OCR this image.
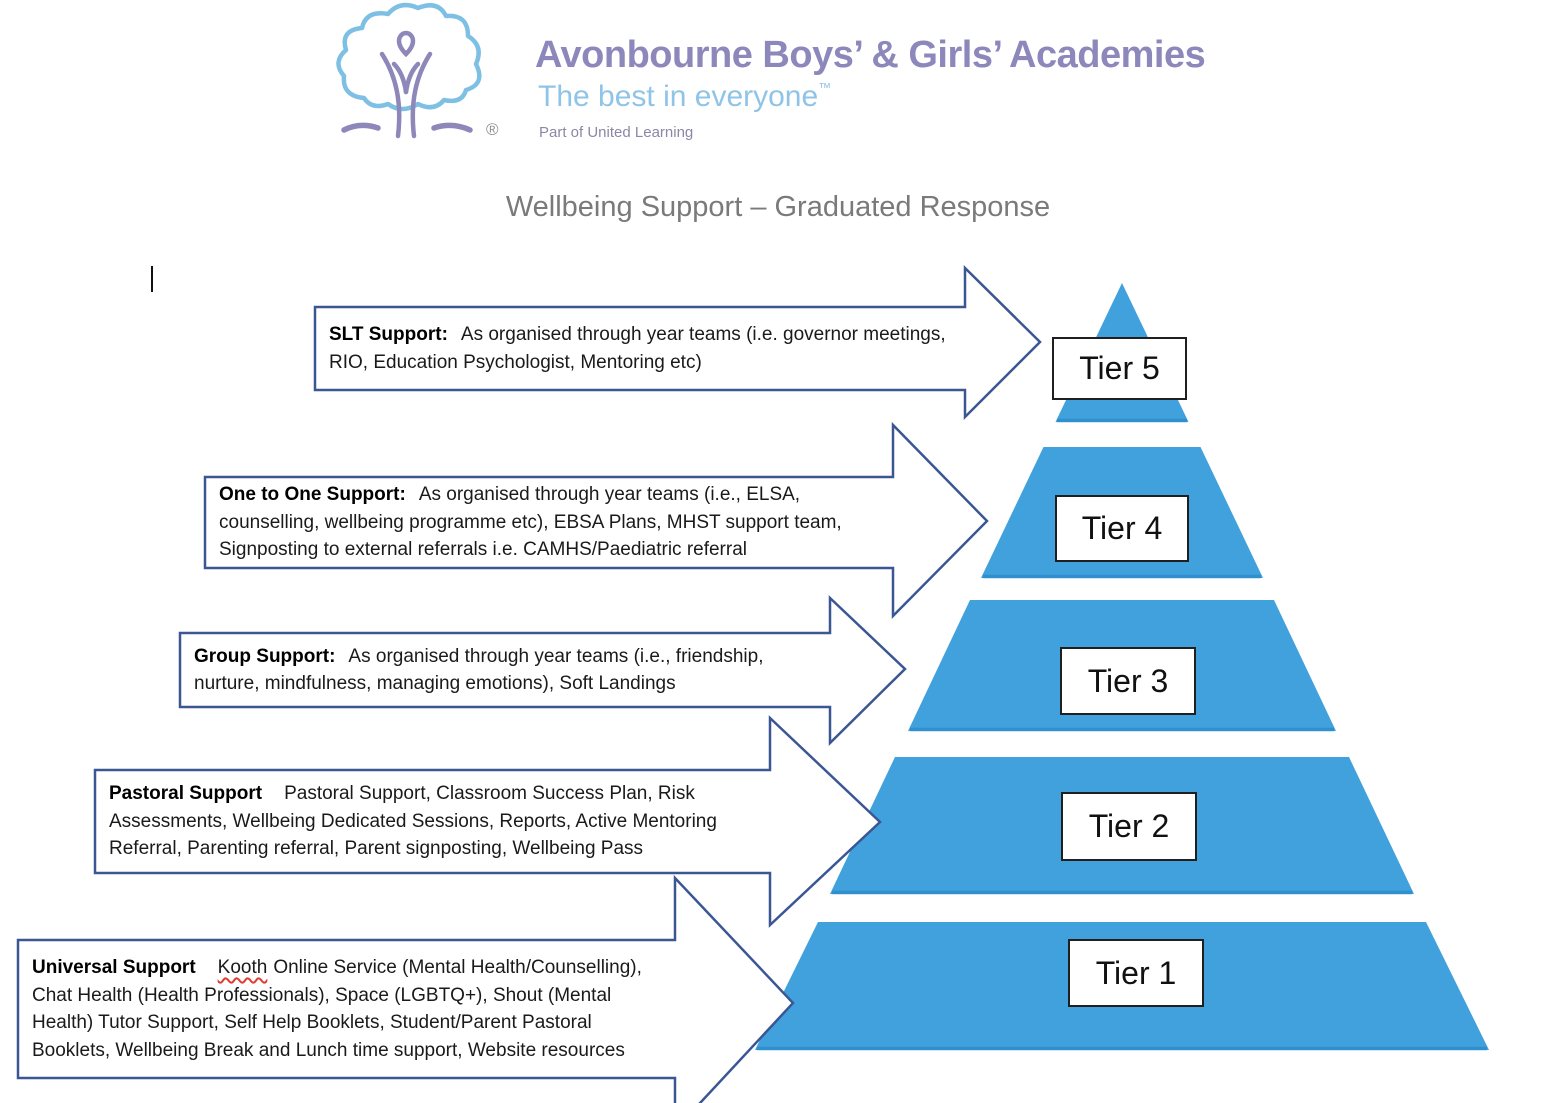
®
Avonbourne Boys’ & Girls’ Academies
The best in everyone™
Part of United Learning
Wellbeing Support – Graduated Response
Tier 5
Tier 4
Tier 3
Tier 2
Tier 1

SLT Support: As organised through year teams (i.e. governor meetings, RIO, Education Psychologist, Mentoring etc)

One to One Support: As organised through year teams (i.e., ELSA, counselling, wellbeing programme etc), EBSA Plans, MHST support team, Signposting to external referrals i.e. CAMHS/Paediatric referral

Group Support: As organised through year teams (i.e., friendship, nurture, mindfulness, managing emotions), Soft Landings

Pastoral Support Pastoral Support, Classroom Success Plan, Risk Assessments, Wellbeing Dedicated Sessions, Reports, Active Mentoring Referral, Parenting referral, Parent signposting, Wellbeing Pass

Universal Support Kooth Online Service (Mental Health/Counselling), Chat Health (Health Professionals), Space (LGBTQ+), Shout (Mental Health) Tutor Support, Self Help Booklets, Student/Parent Pastoral Booklets, Wellbeing Break and Lunch time support, Website resources
